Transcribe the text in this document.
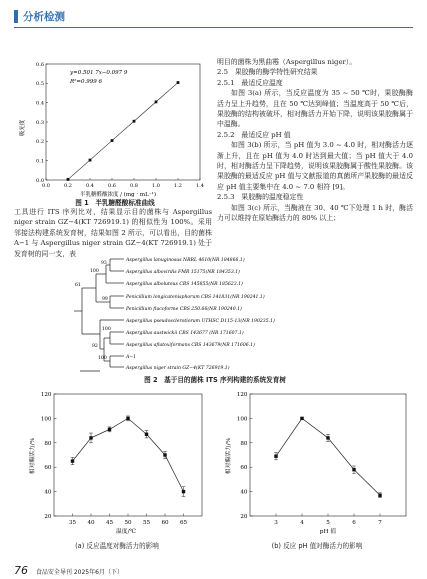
分析检测
0.0	0.2	0.4	0.6	0.8	1.0	1.2	1.4
0.0
0.1
0.2
0.3
0.4
0.5
0.6
y=0.501 7x−0.097 9
R²=0.999 6
半乳糖醛酸浓度 / (mg · mL⁻¹)
吸光度
图 1　半乳糖醛酸标准曲线

工具进行 ITS 序列比对，结果显示目的菌株与 Aspergillus niger strain GZ−4(KT 726919.1) 的相似性为 100%。采用邻接法构建系统发育树，结果如图 2 所示，可以看出，目的菌株 A−1 与 Aspergillus niger strain GZ−4(KT 726919.1) 处于发育树的同一支，表

明目的菌株为黑曲霉（Aspergillus niger）。

2.5　果胶酶的酶学特性研究结果

2.5.1　最适反应温度

如图 3(a) 所示，当反应温度为 35 ~ 50 ℃时，果胶酶酶活力呈上升趋势，且在 50 ℃达到峰值；当温度高于 50 ℃后，果胶酶的结构被破坏，相对酶活力开始下降，说明该果胶酶属于中温酶。

2.5.2　最适反应 pH 值

如图 3(b) 所示，当 pH 值为 3.0 ~ 4.0 时，相对酶活力逐渐上升，且在 pH 值为 4.0 时达到最大值；当 pH 值大于 4.0 时，相对酶活力呈下降趋势，说明该果胶酶属于酸性果胶酶。该果胶酶的最适反应 pH 值与文献报道的真菌所产果胶酶的最适反应 pH 值主要集中在 4.0 ~ 7.0 相符 [9]。

2.5.3　果胶酶的温度稳定性

如图 3(c) 所示，当酶液在 30、40 ℃下处理 1 h 时，酶活力可以维持在原始酶活力的 80% 以上；

Aspergillus lanuginosus NRRL 4610(NR 184866.1)
Aspergillus albovirdis FMR 15175(NR 184353.1)
Aspergillus alboluteus CBS 145855(NR 185623.1)
Penicillium longicatenisphorum CBS 141831(NR 190241.1)
Penicillium flucoforme CBS 250.66(NR 190240.1)
Aspergillus pseudosclerotiorum UTHSC D115-13(NR 190235.1)
Aspergillus austwickii CBS 143677 (NR 171607.1)
Aspergillus aflatoxiformans CBS 143679(NR 171606.1)
A−1
Aspergillus niger strain GZ−4(KT 726919.1)
93
100
61
99
100
92
100
图 2　基于目的菌株 ITS 序列构建的系统发育树
35 40 45 50 55 60 65
20
40
60
80
100
120
温度/℃
相对酶活力/%
(a) 反应温度对酶活力的影响
3	4	5	6	7
20
40
60
80
100
120
pH 值
相对酶活力/%
(b) 反应 pH 值对酶活力的影响
76 食品安全导刊 2025年6月（下）
